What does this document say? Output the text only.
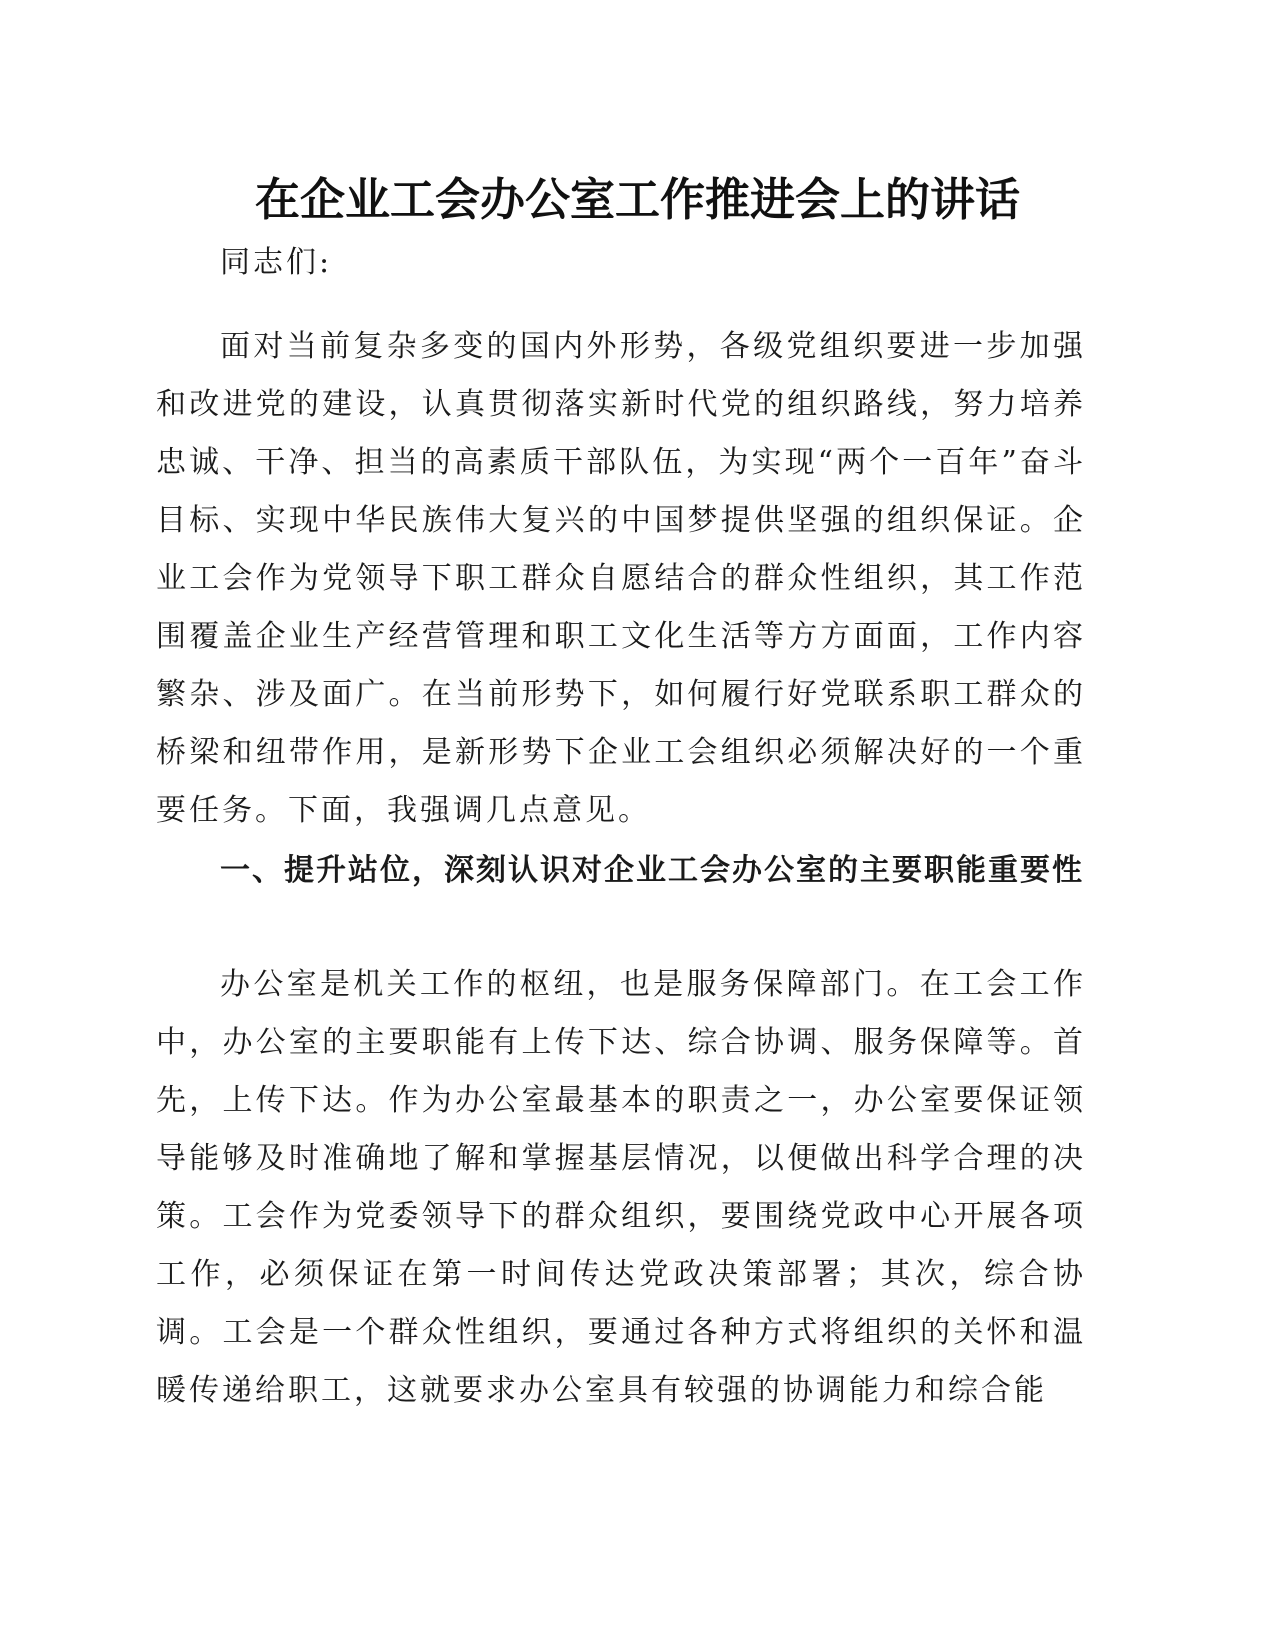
在企业工会办公室工作推进会上的讲话

同志们:

面对当前复杂多变的国内外形势，各级党组织要进一步加强和改进党的建设，认真贯彻落实新时代党的组织路线，努力培养忠诚、干净、担当的高素质干部队伍，为实现“两个一百年”奋斗目标、实现中华民族伟大复兴的中国梦提供坚强的组织保证。企业工会作为党领导下职工群众自愿结合的群众性组织，其工作范围覆盖企业生产经营管理和职工文化生活等方方面面，工作内容繁杂、涉及面广。在当前形势下，如何履行好党联系职工群众的桥梁和纽带作用，是新形势下企业工会组织必须解决好的一个重要任务。下面，我强调几点意见。

一、提升站位，深刻认识对企业工会办公室的主要职能重要性

办公室是机关工作的枢纽，也是服务保障部门。在工会工作中，办公室的主要职能有上传下达、综合协调、服务保障等。首先，上传下达。作为办公室最基本的职责之一，办公室要保证领导能够及时准确地了解和掌握基层情况，以便做出科学合理的决策。工会作为党委领导下的群众组织，要围绕党政中心开展各项工作，必须保证在第一时间传达党政决策部署；其次，综合协调。工会是一个群众性组织，要通过各种方式将组织的关怀和温暖传递给职工，这就要求办公室具有较强的协调能力和综合能
